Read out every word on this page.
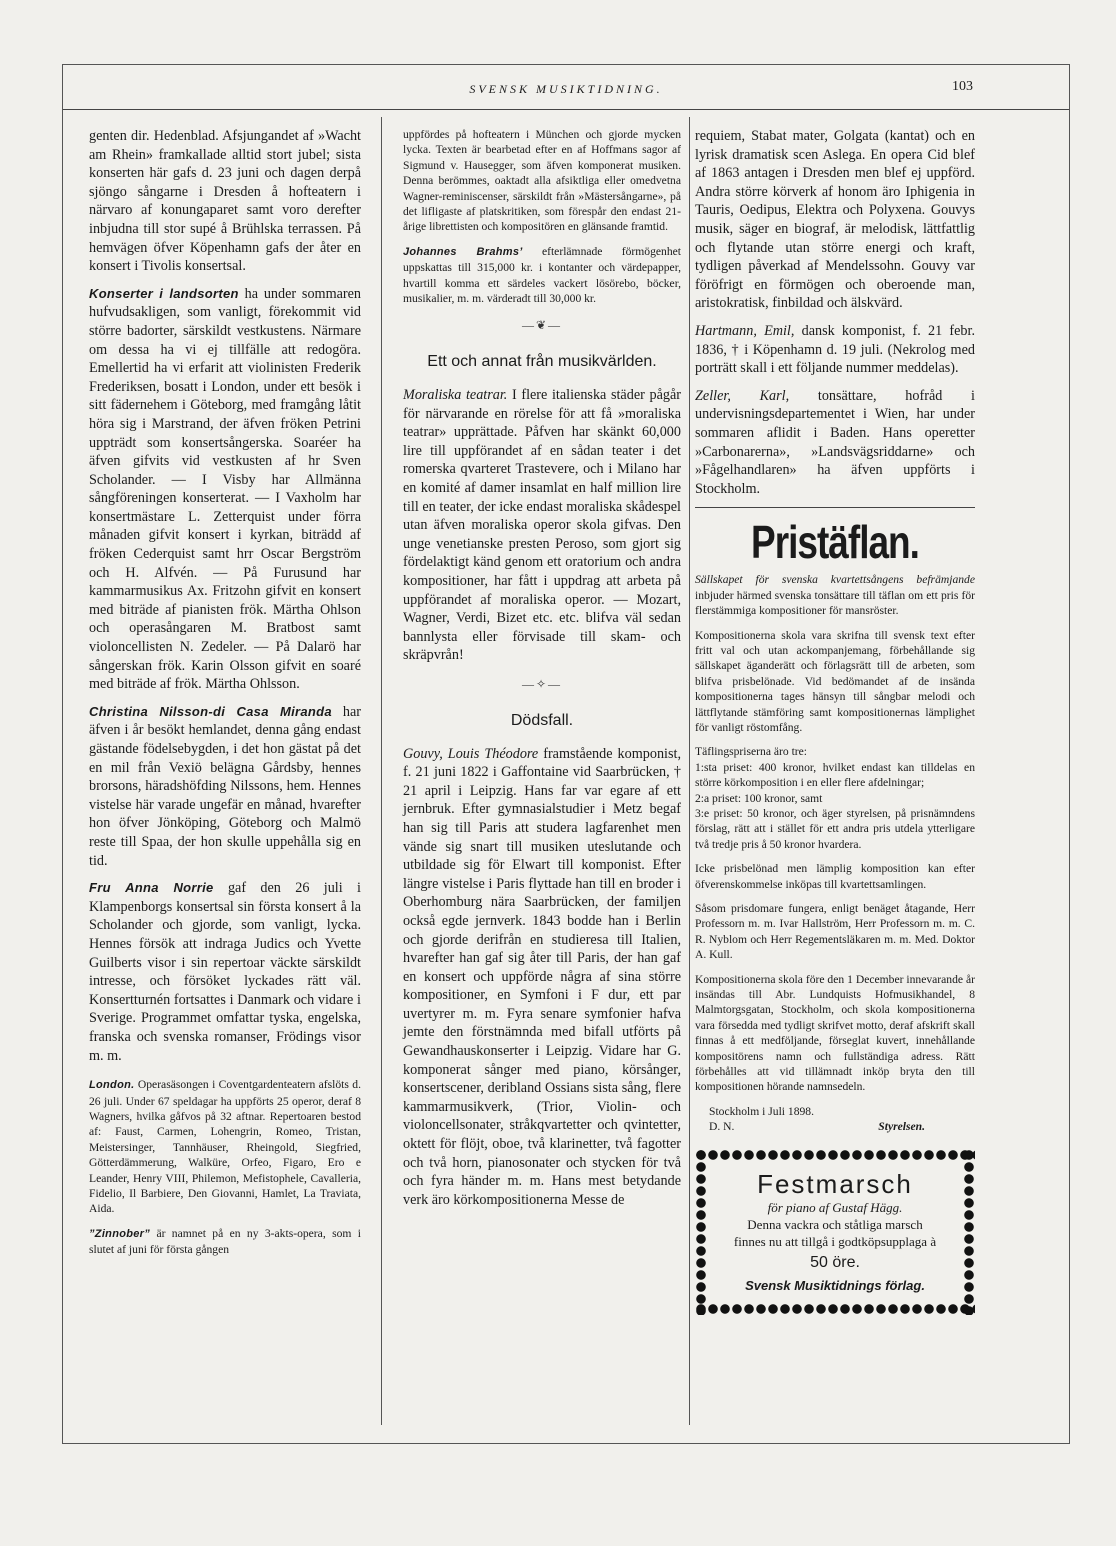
SVENSK MUSIKTIDNING.	103

genten dir. Hedenblad. Afsjungandet af »Wacht am Rhein» framkallade alltid stort jubel; sista konserten här gafs d. 23 juni och dagen derpå sjöngo sångarne i Dresden å hofteatern i närvaro af konungaparet samt voro derefter inbjudna till stor supé å Brühlska terrassen. På hemvägen öfver Köpenhamn gafs der åter en konsert i Tivolis konsertsal.

Konserter i landsorten ha under sommaren hufvudsakligen, som vanligt, förekommit vid större badorter, särskildt vestkustens. Närmare om dessa ha vi ej tillfälle att redogöra. Emellertid ha vi erfarit att violinisten Frederik Frederiksen, bosatt i London, under ett besök i sitt fädernehem i Göteborg, med framgång låtit höra sig i Marstrand, der äfven fröken Petrini uppträdt som konsertsångerska. Soaréer ha äfven gifvits vid vestkusten af hr Sven Scholander. — I Visby har Allmänna sångföreningen konserterat. — I Vaxholm har konsertmästare L. Zetterquist under förra månaden gifvit konsert i kyrkan, biträdd af fröken Cederquist samt hrr Oscar Bergström och H. Alfvén. — På Furusund har kammarmusikus Ax. Fritzohn gifvit en konsert med biträde af pianisten frök. Märtha Ohlson och operasångaren M. Bratbost samt violoncellisten N. Zedeler. — På Dalarö har sångerskan frök. Karin Olsson gifvit en soaré med biträde af frök. Märtha Ohlsson.

Christina Nilsson-di Casa Miranda har äfven i år besökt hemlandet, denna gång endast gästande födelsebygden, i det hon gästat på det en mil från Vexiö belägna Gårdsby, hennes brorsons, häradshöfding Nilssons, hem. Hennes vistelse här varade ungefär en månad, hvarefter hon öfver Jönköping, Göteborg och Malmö reste till Spaa, der hon skulle uppehålla sig en tid.

Fru Anna Norrie gaf den 26 juli i Klampenborgs konsertsal sin första konsert å la Scholander och gjorde, som vanligt, lycka. Hennes försök att indraga Judics och Yvette Guilberts visor i sin repertoar väckte särskildt intresse, och försöket lyckades rätt väl. Konsertturnén fortsattes i Danmark och vidare i Sverige. Programmet omfattar tyska, engelska, franska och svenska romanser, Frödings visor m. m.

London. Operasäsongen i Coventgardenteatern afslöts d. 26 juli. Under 67 speldagar ha uppförts 25 operor, deraf 8 Wagners, hvilka gåfvos på 32 aftnar. Repertoaren bestod af: Faust, Carmen, Lohengrin, Romeo, Tristan, Meistersinger, Tannhäuser, Rheingold, Siegfried, Götterdämmerung, Walküre, Orfeo, Figaro, Ero e Leander, Henry VIII, Philemon, Mefistophele, Cavalleria, Fidelio, Il Barbiere, Den Giovanni, Hamlet, La Traviata, Aida.

”Zinnober” är namnet på en ny 3-akts-opera, som i slutet af juni för första gången

uppfördes på hofteatern i München och gjorde mycken lycka. Texten är bearbetad efter en af Hoffmans sagor af Sigmund v. Hausegger, som äfven komponerat musiken. Denna berömmes, oaktadt alla afsiktliga eller omedvetna Wagner-reminiscenser, särskildt från »Mästersångarne», på det lifligaste af platskritiken, som förespår den endast 21-årige librettisten och kompositören en glänsande framtid.

Johannes Brahms’ efterlämnade förmögenhet uppskattas till 315,000 kr. i kontanter och värdepapper, hvartill komma ett särdeles vackert lösörebo, böcker, musikalier, m. m. värderadt till 30,000 kr.

—❦—
Ett och annat från musikvärlden.

Moraliska teatrar. I flere italienska städer pågår för närvarande en rörelse för att få »moraliska teatrar» upprättade. Påfven har skänkt 60,000 lire till uppförandet af en sådan teater i det romerska qvarteret Trastevere, och i Milano har en komité af damer insamlat en half million lire till en teater, der icke endast moraliska skådespel utan äfven moraliska operor skola gifvas. Den unge venetianske presten Peroso, som gjort sig fördelaktigt känd genom ett oratorium och andra kompositioner, har fått i uppdrag att arbeta på uppförandet af moraliska operor. — Mozart, Wagner, Verdi, Bizet etc. etc. blifva väl sedan bannlysta eller förvisade till skam- och skräpvrån!

—✧—
Dödsfall.

Gouvy, Louis Théodore framstående komponist, f. 21 juni 1822 i Gaffontaine vid Saarbrücken, † 21 april i Leipzig. Hans far var egare af ett jernbruk. Efter gymnasialstudier i Metz begaf han sig till Paris att studera lagfarenhet men vände sig snart till musiken uteslutande och utbildade sig för Elwart till komponist. Efter längre vistelse i Paris flyttade han till en broder i Oberhomburg nära Saarbrücken, der familjen också egde jernverk. 1843 bodde han i Berlin och gjorde derifrån en studieresa till Italien, hvarefter han gaf sig åter till Paris, der han gaf en konsert och uppförde några af sina större kompositioner, en Symfoni i F dur, ett par uvertyrer m. m. Fyra senare symfonier hafva jemte den förstnämnda med bifall utförts på Gewandhauskonserter i Leipzig. Vidare har G. komponerat sånger med piano, körsånger, konsertscener, deribland Ossians sista sång, flere kammarmusikverk, (Trior, Violin- och violoncellsonater, stråkqvartetter och qvintetter, oktett för flöjt, oboe, två klarinetter, två fagotter och två horn, pianosonater och stycken för två och fyra händer m. m. Hans mest betydande verk äro körkompositionerna Messe de

requiem, Stabat mater, Golgata (kantat) och en lyrisk dramatisk scen Aslega. En opera Cid blef af 1863 antagen i Dresden men blef ej uppförd. Andra större körverk af honom äro Iphigenia in Tauris, Oedipus, Elektra och Polyxena. Gouvys musik, säger en biograf, är melodisk, lättfattlig och flytande utan större energi och kraft, tydligen påverkad af Mendelssohn. Gouvy var föröfrigt en förmögen och oberoende man, aristokratisk, finbildad och älskvärd.

Hartmann, Emil, dansk komponist, f. 21 febr. 1836, † i Köpenhamn d. 19 juli. (Nekrolog med porträtt skall i ett följande nummer meddelas).

Zeller, Karl, tonsättare, hofråd i undervisningsdepartementet i Wien, har under sommaren aflidit i Baden. Hans operetter »Carbonarerna», »Landsvägsriddarne» och »Fågelhandlaren» ha äfven uppförts i Stockholm.

Pristäflan.

Sällskapet för svenska kvartettsångens befrämjande inbjuder härmed svenska tonsättare till täflan om ett pris för flerstämmiga kompositioner för mansröster.

Kompositionerna skola vara skrifna till svensk text efter fritt val och utan ackompanjemang, förbehållande sig sällskapet äganderätt och förlagsrätt till de arbeten, som blifva prisbelönade. Vid bedömandet af de insända kompositionerna tages hänsyn till sångbar melodi och lättflytande stämföring samt kompositionernas lämplighet för vanligt röstomfång.

Täflingspriserna äro tre:

1:sta priset: 400 kronor, hvilket endast kan tilldelas en större körkomposition i en eller flere afdelningar;

2:a priset: 100 kronor, samt

3:e priset: 50 kronor, och äger styrelsen, på prisnämndens förslag, rätt att i stället för ett andra pris utdela ytterligare två tredje pris å 50 kronor hvardera.

Icke prisbelönad men lämplig komposition kan efter öfverenskommelse inköpas till kvartettsamlingen.

Såsom prisdomare fungera, enligt benäget åtagande, Herr Professorn m. m. Ivar Hallström, Herr Professorn m. m. C. R. Nyblom och Herr Regementsläkaren m. m. Med. Doktor A. Kull.

Kompositionerna skola före den 1 December innevarande år insändas till Abr. Lundquists Hofmusikhandel, 8 Malmtorgsgatan, Stockholm, och skola kompositionerna vara försedda med tydligt skrifvet motto, deraf afskrift skall finnas å ett medföljande, förseglat kuvert, innehållande kompositörens namn och fullständiga adress. Rätt förbehålles att vid tillämnadt inköp bryta den till kompositionen hörande namnsedeln.

Stockholm i Juli 1898.

D. N.	Styrelsen.
Festmarsch
för piano af Gustaf Hägg.
Denna vackra och ståtliga marsch
finnes nu att tillgå i godtköpsupplaga à
50 öre.
Svensk Musiktidnings förlag.
